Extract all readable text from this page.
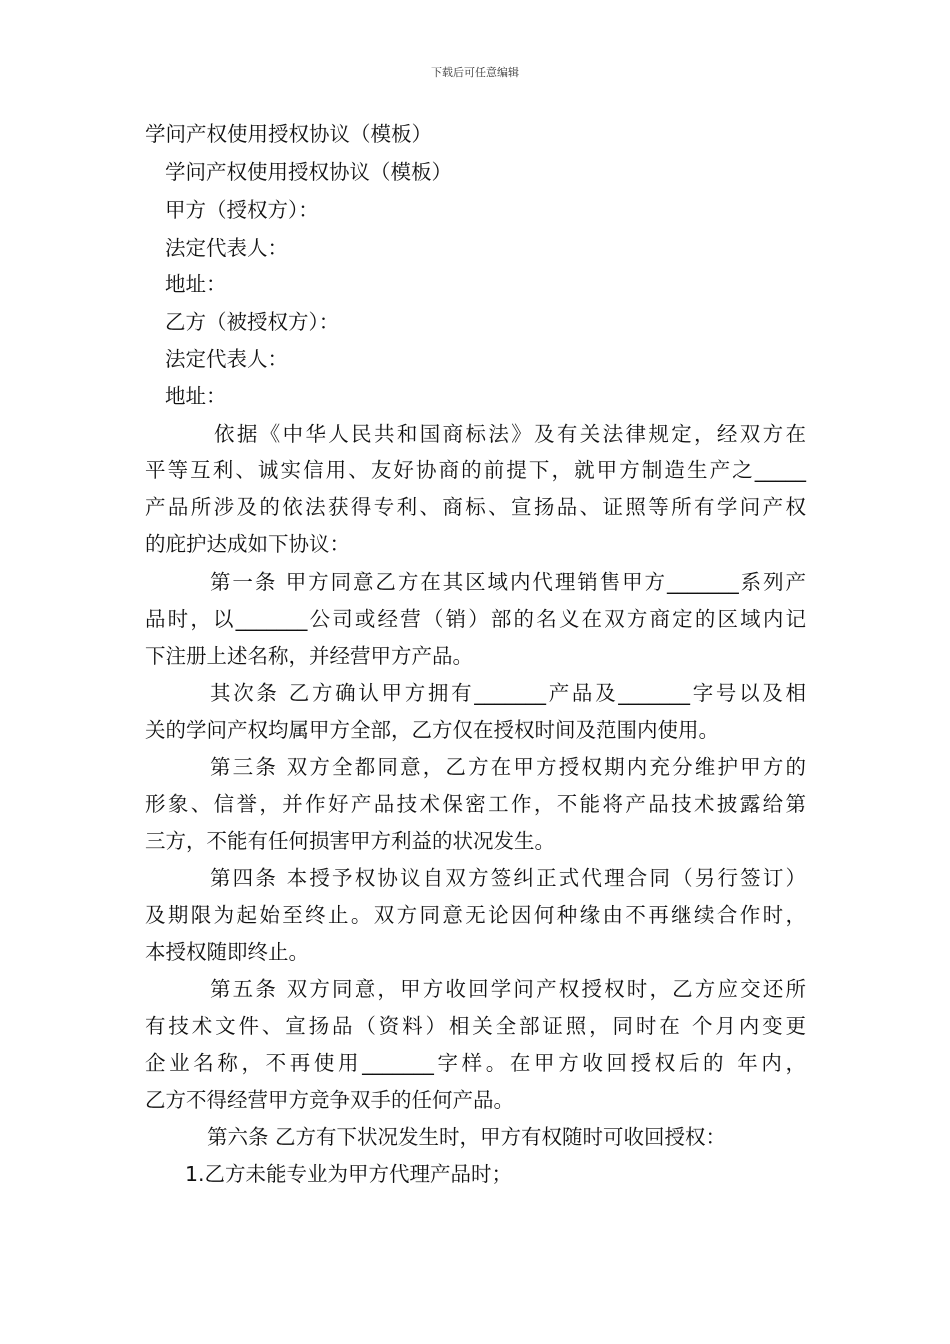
下载后可任意编辑
学问产权使用授权协议（模板）
学问产权使用授权协议（模板）
甲方（授权方）：
法定代表人：
地址：
乙方（被授权方）：
法定代表人：
地址：
依据《中华人民共和国商标法》及有关法律规定，经双方在
平等互利、诚实信用、友好协商的前提下，就甲方制造生产之_____
产品所涉及的依法获得专利、商标、宣扬品、证照等所有学问产权
的庇护达成如下协议：
第一条 甲方同意乙方在其区域内代理销售甲方_______系列产
品时，以_______公司或经营（销）部的名义在双方商定的区域内记
下注册上述名称，并经营甲方产品。
其次条 乙方确认甲方拥有_______产品及_______字号以及相
关的学问产权均属甲方全部，乙方仅在授权时间及范围内使用。
第三条 双方全都同意，乙方在甲方授权期内充分维护甲方的
形象、信誉，并作好产品技术保密工作，不能将产品技术披露给第
三方，不能有任何损害甲方利益的状况发生。
第四条 本授予权协议自双方签纠正式代理合同（另行签订）
及期限为起始至终止。双方同意无论因何种缘由不再继续合作时，
本授权随即终止。
第五条 双方同意，甲方收回学问产权授权时，乙方应交还所
有技术文件、宣扬品（资料）相关全部证照，同时在 个月内变更
企业名称，不再使用_______字样。在甲方收回授权后的 年内，
乙方不得经营甲方竞争双手的任何产品。
第六条 乙方有下状况发生时，甲方有权随时可收回授权：
1.乙方未能专业为甲方代理产品时；
